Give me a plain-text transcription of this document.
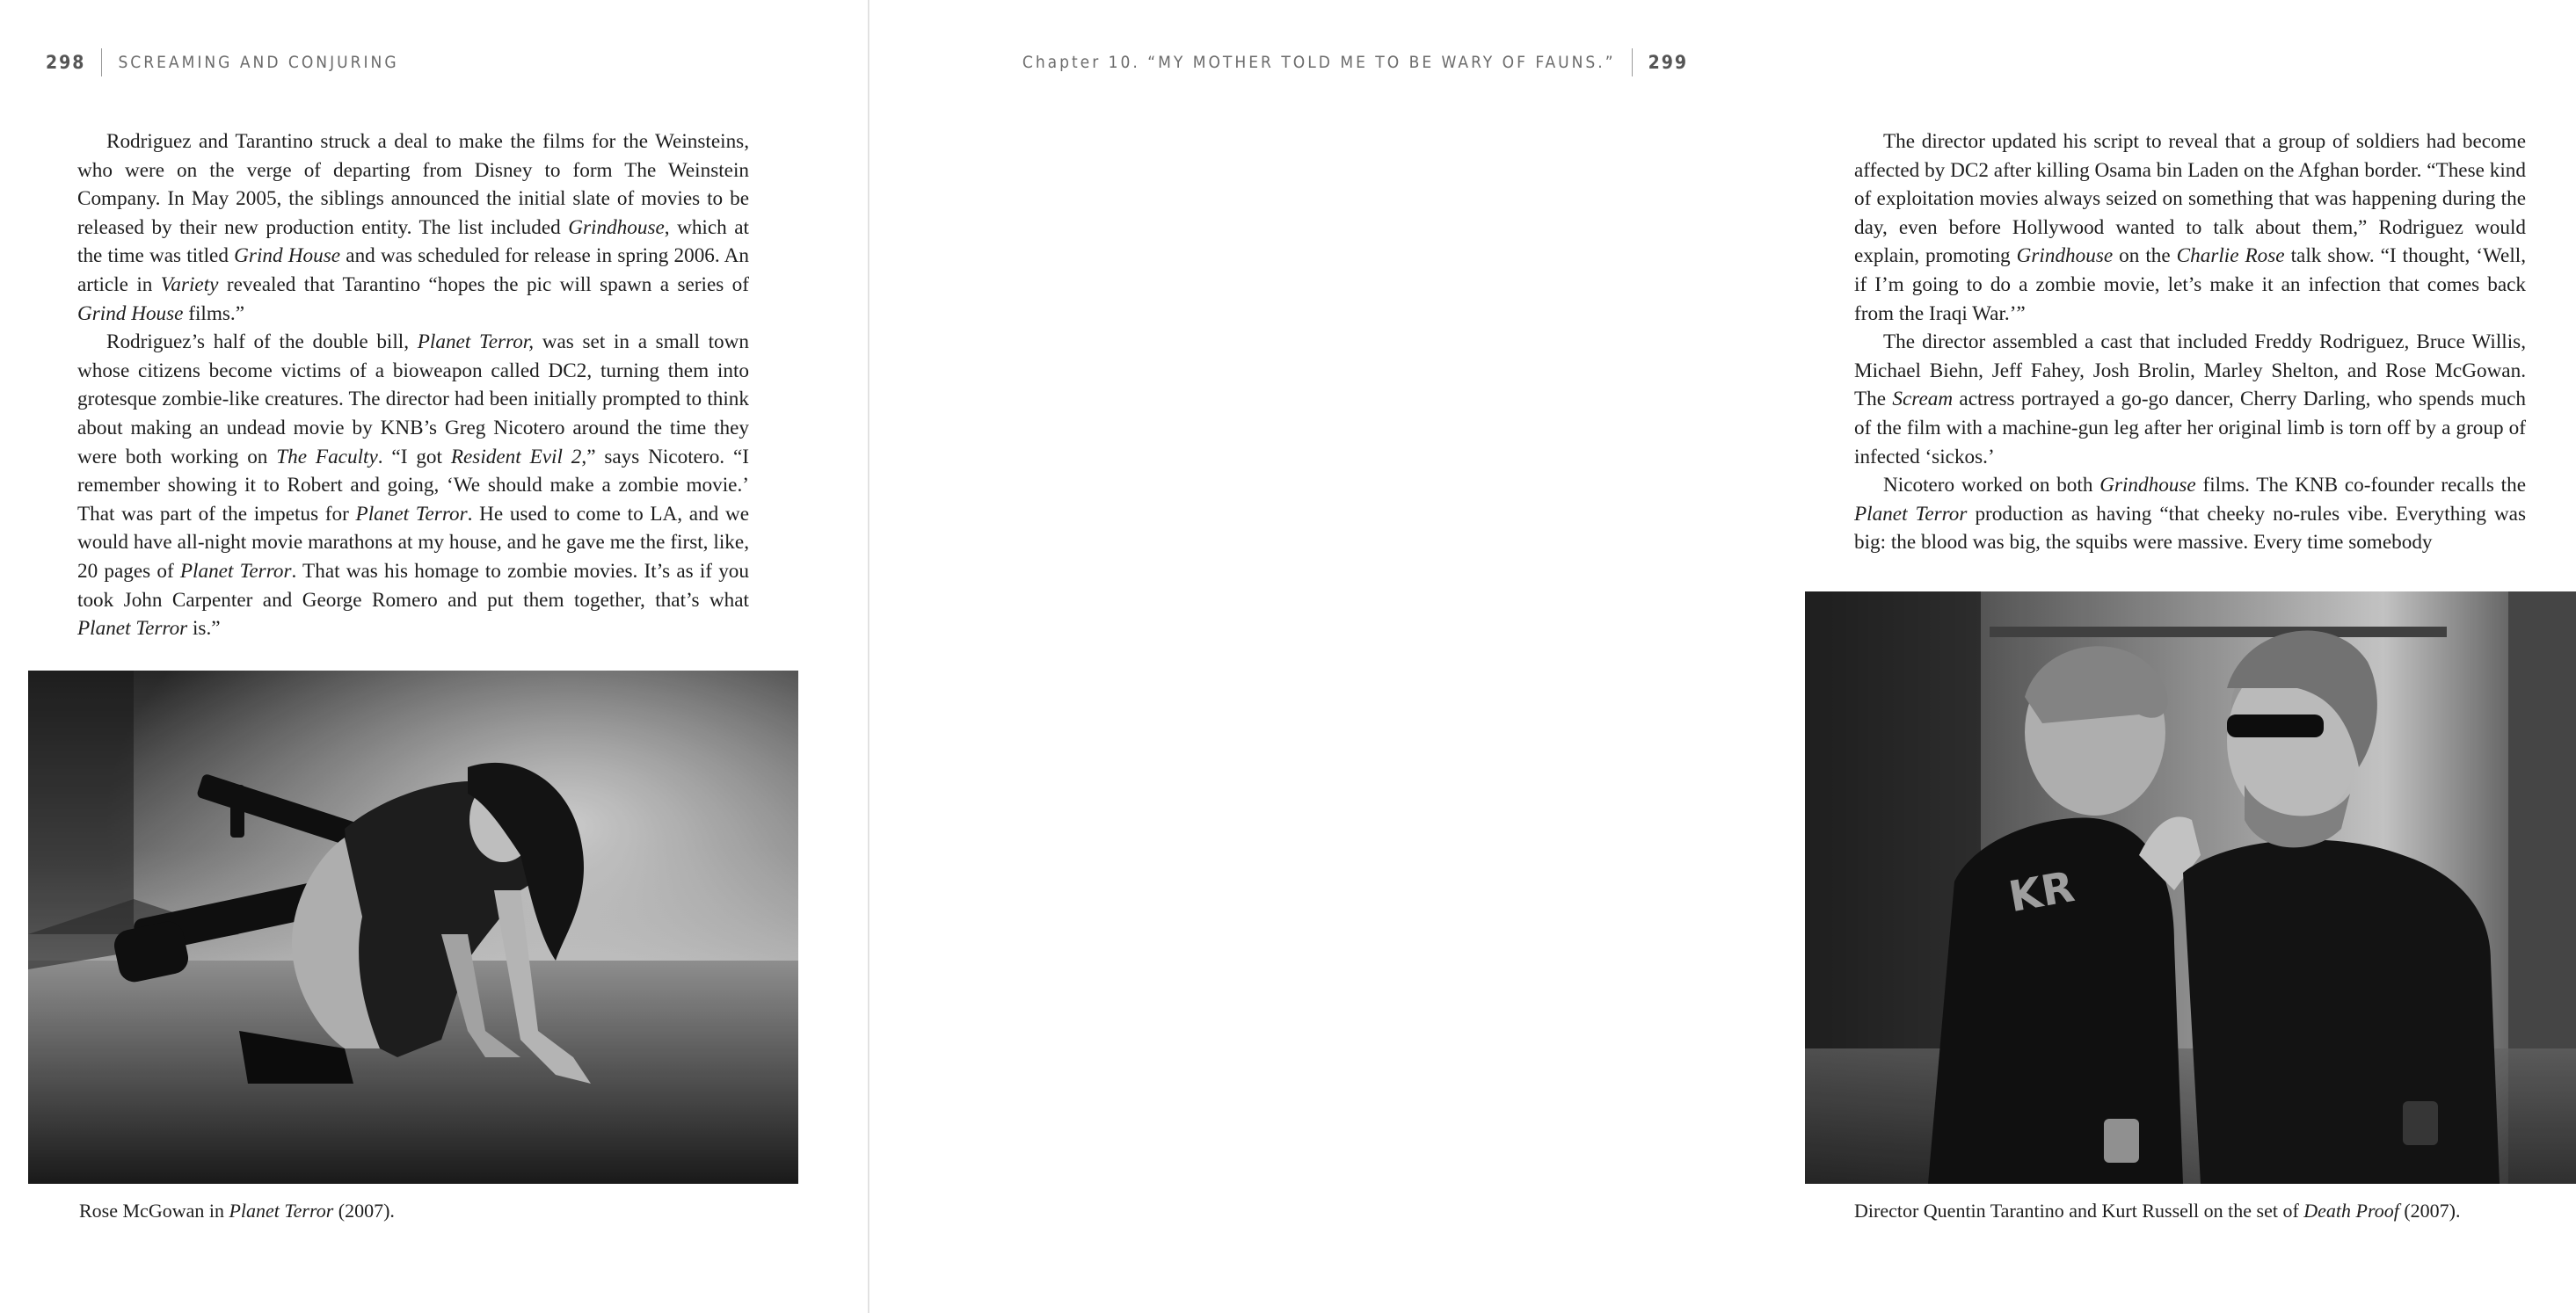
298 SCREAMING AND CONJURING

Rodriguez and Tarantino struck a deal to make the films for the Weinsteins, who were on the verge of departing from Disney to form The Weinstein Company. In May 2005, the siblings announced the initial slate of movies to be released by their new production entity. The list included Grindhouse, which at the time was titled Grind House and was scheduled for release in spring 2006. An article in Variety revealed that Tarantino “hopes the pic will spawn a series of Grind House films.”

Rodriguez’s half of the double bill, Planet Terror, was set in a small town whose citizens become victims of a bioweapon called DC2, turning them into grotesque zombie-like creatures. The director had been initially prompted to think about making an undead movie by KNB’s Greg Nicotero around the time they were both working on The Faculty. “I got Resident Evil 2,” says Nicotero. “I remember showing it to Robert and going, ‘We should make a zombie movie.’ That was part of the impetus for Planet Terror. He used to come to LA, and we would have all-night movie marathons at my house, and he gave me the first, like, 20 pages of Planet Terror. That was his homage to zombie movies. It’s as if you took John Carpenter and George Romero and put them together, that’s what Planet Terror is.”

Rose McGowan in Planet Terror (2007).
Chapter 10. “MY MOTHER TOLD ME TO BE WARY OF FAUNS.” 299

The director updated his script to reveal that a group of soldiers had become affected by DC2 after killing Osama bin Laden on the Afghan border. “These kind of exploitation movies always seized on something that was happening during the day, even before Hollywood wanted to talk about them,” Rodriguez would explain, promoting Grindhouse on the Charlie Rose talk show. “I thought, ‘Well, if I’m going to do a zombie movie, let’s make it an infection that comes back from the Iraqi War.’”

The director assembled a cast that included Freddy Rodriguez, Bruce Willis, Michael Biehn, Jeff Fahey, Josh Brolin, Marley Shelton, and Rose McGowan. The Scream actress portrayed a go-go dancer, Cherry Darling, who spends much of the film with a machine-gun leg after her original limb is torn off by a group of infected ‘sickos.’

Nicotero worked on both Grindhouse films. The KNB co-founder recalls the Planet Terror production as having “that cheeky no-rules vibe. Everything was big: the blood was big, the squibs were massive. Every time somebody

KR
Director Quentin Tarantino and Kurt Russell on the set of Death Proof (2007).
